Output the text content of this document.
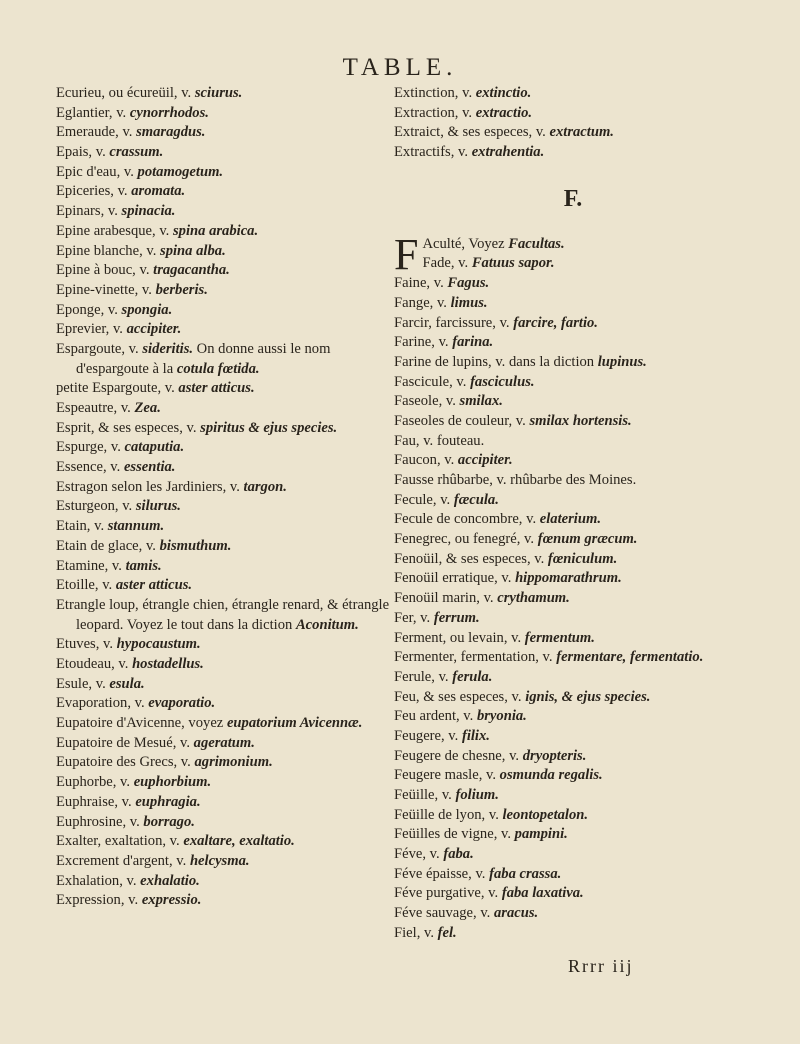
TABLE.
Ecurieu, ou écureüil, v. sciurus.
Eglantier, v. cynorrhodos.
Emeraude, v. smaragdus.
Epais, v. crassum.
Epic d'eau, v. potamogetum.
Epiceries, v. aromata.
Epinars, v. spinacia.
Epine arabesque, v. spina arabica.
Epine blanche, v. spina alba.
Epine à bouc, v. tragacantha.
Epine-vinette, v. berberis.
Eponge, v. spongia.
Eprevier, v. accipiter.
Espargoute, v. sideritis. On donne aussi le nom d'espargoute à la cotula fœtida.
petite Espargoute, v. aster atticus.
Espeautre, v. Zea.
Esprit, & ses especes, v. spiritus & ejus species.
Espurge, v. cataputia.
Essence, v. essentia.
Estragon selon les Jardiniers, v. targon.
Esturgeon, v. silurus.
Etain, v. stannum.
Etain de glace, v. bismuthum.
Etamine, v. tamis.
Etoille, v. aster atticus.
Etrangle loup, étrangle chien, étrangle renard, & étrangle leopard. Voyez le tout dans la diction Aconitum.
Etuves, v. hypocaustum.
Etoudeau, v. hostadellus.
Esule, v. esula.
Evaporation, v. evaporatio.
Eupatoire d'Avicenne, voyez eupatorium Avicennæ.
Eupatoire de Mesué, v. ageratum.
Eupatoire des Grecs, v. agrimonium.
Euphorbe, v. euphorbium.
Euphraise, v. euphragia.
Euphrosine, v. borrago.
Exalter, exaltation, v. exaltare, exaltatio.
Excrement d'argent, v. helcysma.
Exhalation, v. exhalatio.
Expression, v. expressio.
Extinction, v. extinctio.
Extraction, v. extractio.
Extraict, & ses especes, v. extractum.
Extractifs, v. extrahentia.
F.
F Aculté, Voyez Facultas.
Fade, v. Fatuus sapor.
Faine, v. Fagus.
Fange, v. limus.
Farcir, farcissure, v. farcire, fartio.
Farine, v. farina.
Farine de lupins, v. dans la diction lupinus.
Fascicule, v. fasciculus.
Faseole, v. smilax.
Faseoles de couleur, v. smilax hortensis.
Fau, v. fouteau.
Faucon, v. accipiter.
Fausse rhûbarbe, v. rhûbarbe des Moines.
Fecule, v. fæcula.
Fecule de concombre, v. elaterium.
Fenegrec, ou fenegré, v. fœnum græcum.
Fenoüil, & ses especes, v. fœniculum.
Fenoüil erratique, v. hippomarathrum.
Fenoüil marin, v. crythamum.
Fer, v. ferrum.
Ferment, ou levain, v. fermentum.
Fermenter, fermentation, v. fermentare, fermentatio.
Ferule, v. ferula.
Feu, & ses especes, v. ignis, & ejus species.
Feu ardent, v. bryonia.
Feugere, v. filix.
Feugere de chesne, v. dryopteris.
Feugere masle, v. osmunda regalis.
Feüille, v. folium.
Feüille de lyon, v. leontopetalon.
Feüilles de vigne, v. pampini.
Féve, v. faba.
Féve épaisse, v. faba crassa.
Féve purgative, v. faba laxativa.
Féve sauvage, v. aracus.
Fiel, v. fel.
Rrrr iij
